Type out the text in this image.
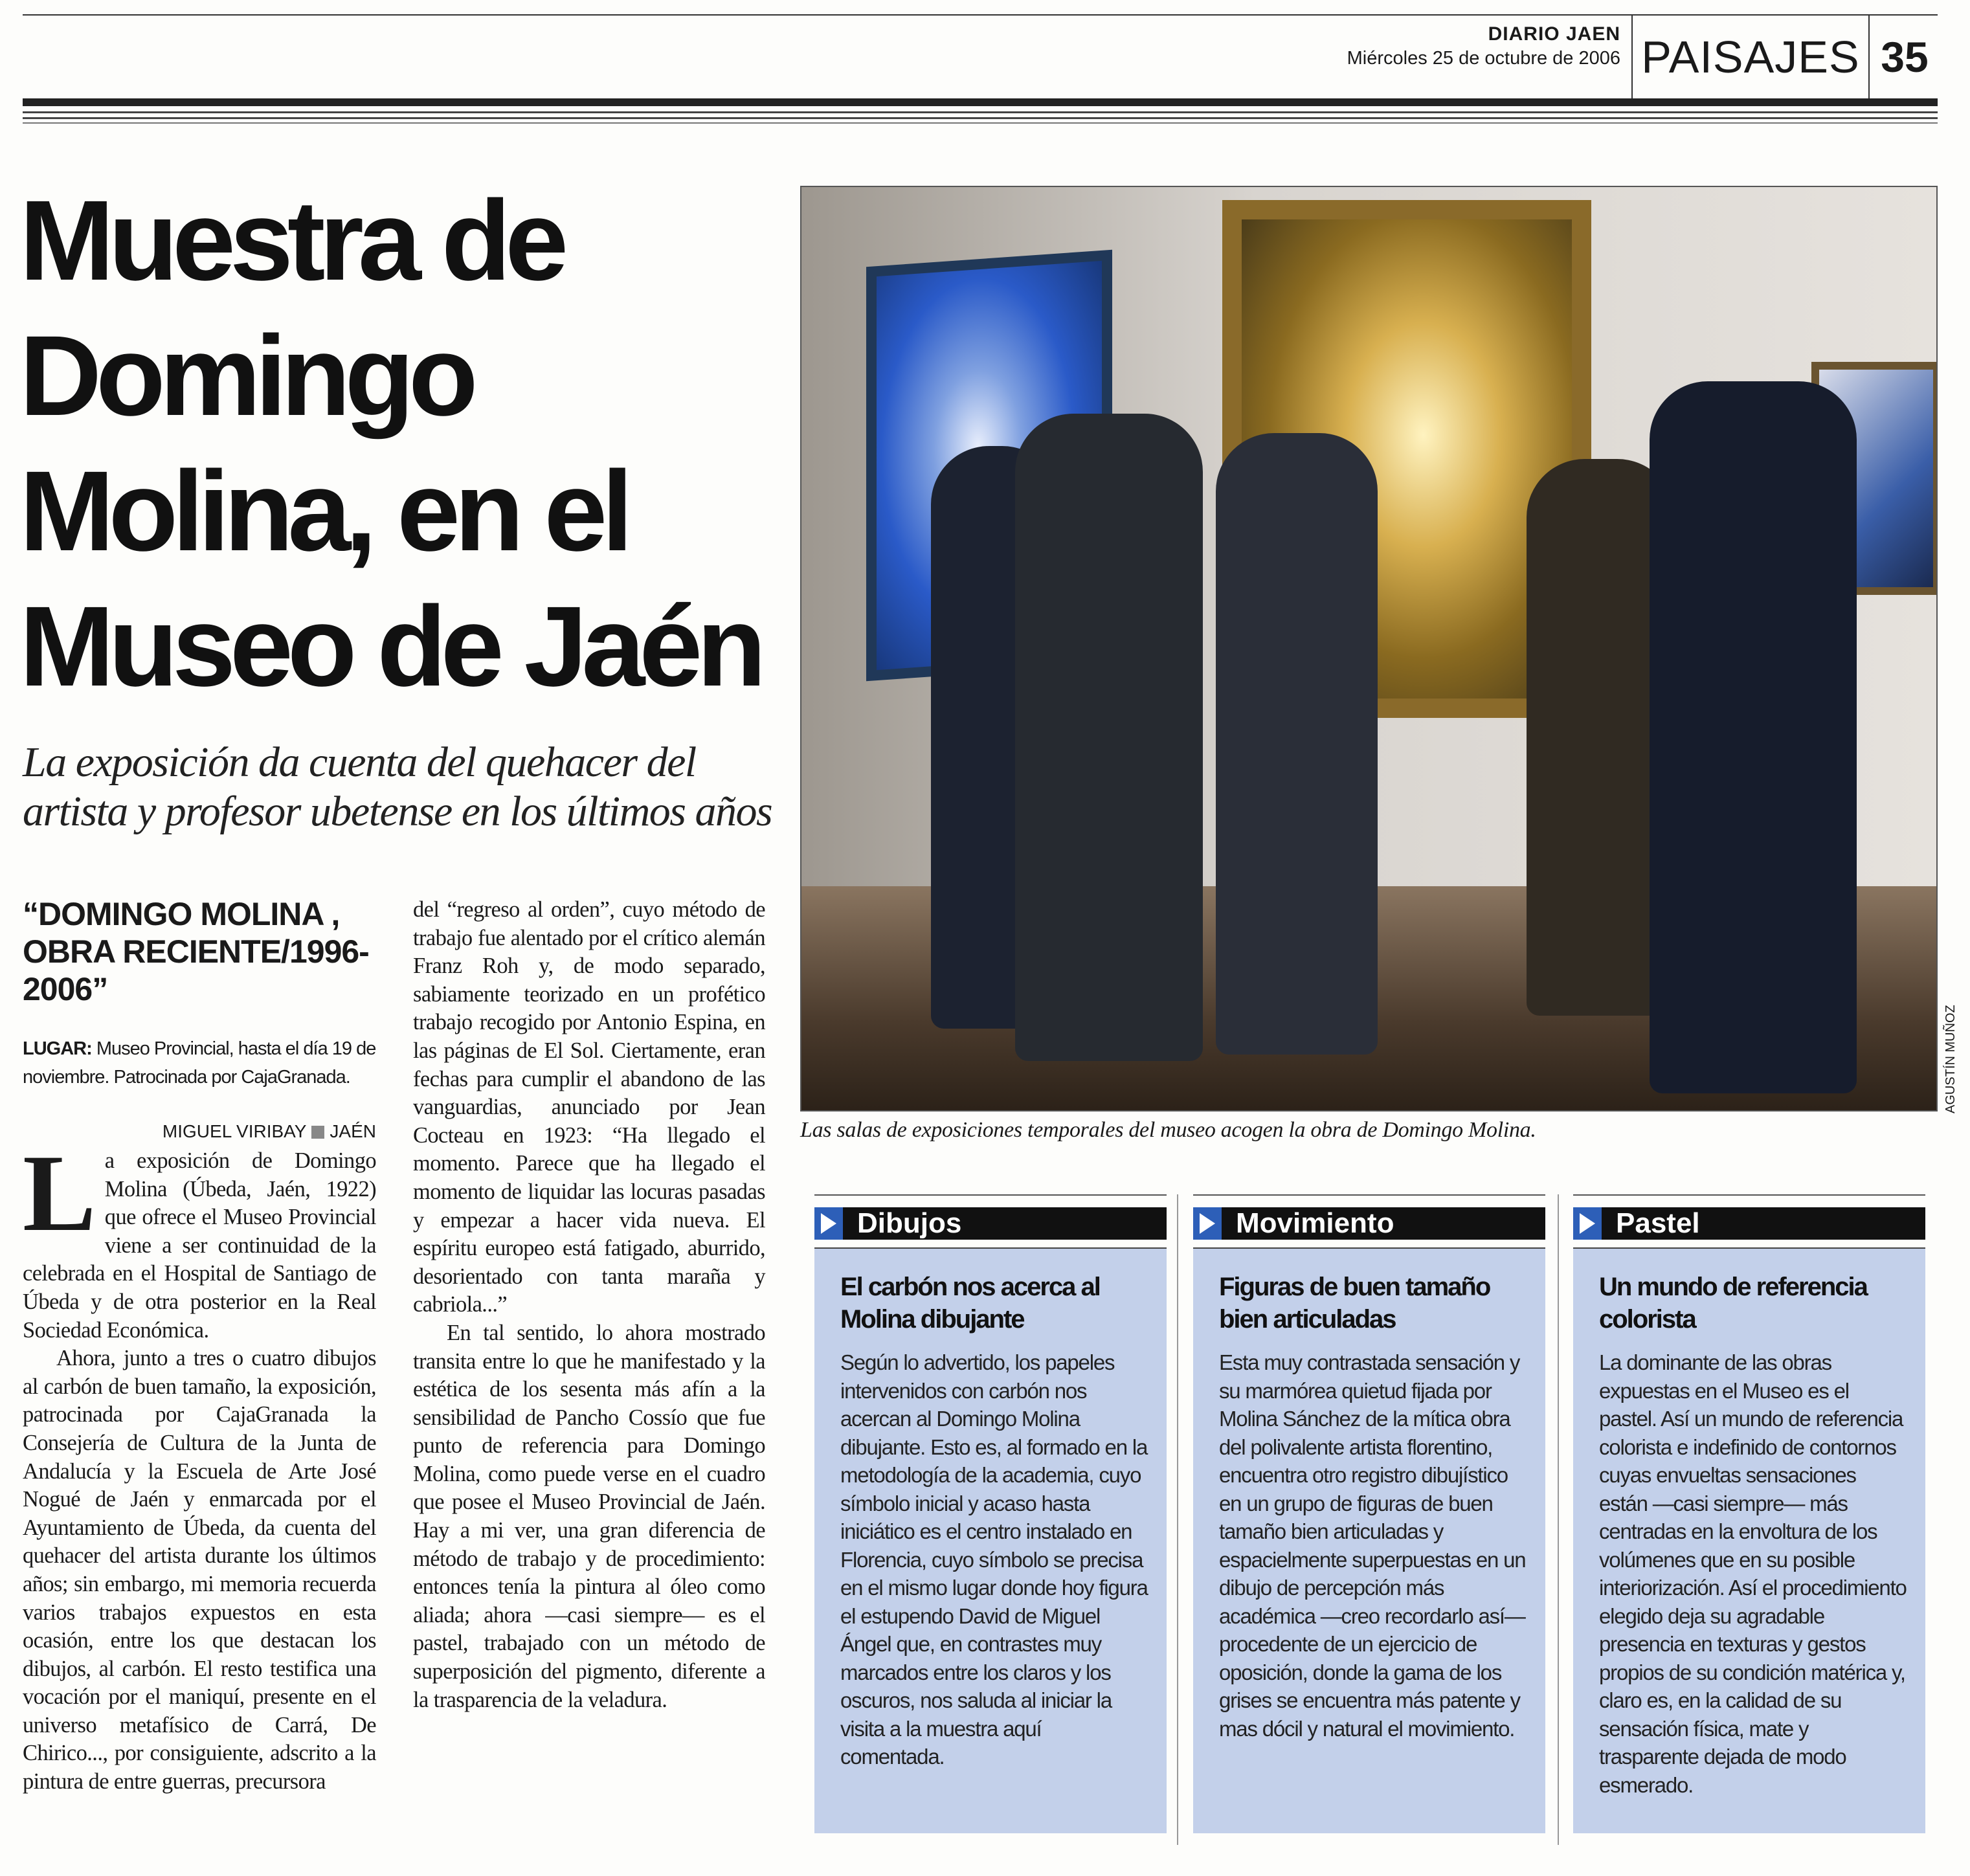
DIARIO JAEN
Miércoles 25 de octubre de 2006 PAISAJES 35
Muestra de Domingo Molina, en el Museo de Jaén
La exposición da cuenta del quehacer del artista y profesor ubetense en los últimos años
“DOMINGO MOLINA , OBRA RECIENTE/1996-2006”
LUGAR: Museo Provincial, hasta el día 19 de noviembre. Patrocinada por CajaGranada.
MIGUEL VIRIBAY JAÉN

La exposición de Domingo Molina (Úbeda, Jaén, 1922) que ofrece el Museo Provincial viene a ser continuidad de la celebrada en el Hospital de Santiago de Úbeda y de otra posterior en la Real Sociedad Económica.

Ahora, junto a tres o cuatro dibujos al carbón de buen tamaño, la exposición, patrocinada por CajaGranada la Consejería de Cultura de la Junta de Andalucía y la Escuela de Arte José Nogué de Jaén y enmarcada por el Ayuntamiento de Úbeda, da cuenta del quehacer del artista durante los últimos años; sin embargo, mi memoria recuerda varios trabajos expuestos en esta ocasión, entre los que destacan los dibujos, al carbón. El resto testifica una vocación por el maniquí, presente en el universo metafísico de Carrá, De Chirico..., por consiguiente, adscrito a la pintura de entre guerras, precursora

del “regreso al orden”, cuyo método de trabajo fue alentado por el crítico alemán Franz Roh y, de modo separado, sabiamente teorizado en un profético trabajo recogido por Antonio Espina, en las páginas de El Sol. Ciertamente, eran fechas para cumplir el abandono de las vanguardias, anunciado por Jean Cocteau en 1923: “Ha llegado el momento. Parece que ha llegado el momento de liquidar las locuras pasadas y empezar a hacer vida nueva. El espíritu europeo está fatigado, aburrido, desorientado con tanta maraña y cabriola...”

En tal sentido, lo ahora mostrado transita entre lo que he manifestado y la estética de los sesenta más afín a la sensibilidad de Pancho Cossío que fue punto de referencia para Domingo Molina, como puede verse en el cuadro que posee el Museo Provincial de Jaén. Hay a mi ver, una gran diferencia de método de trabajo y de procedimiento: entonces tenía la pintura al óleo como aliada; ahora —casi siempre— es el pastel, trabajado con un método de superposición del pigmento, diferente a la trasparencia de la veladura.

AGUSTÍN MUÑOZ
Las salas de exposiciones temporales del museo acogen la obra de Domingo Molina.
Dibujos
El carbón nos acerca al Molina dibujante
Según lo advertido, los papeles intervenidos con carbón nos acercan al Domingo Molina dibujante. Esto es, al formado en la metodología de la academia, cuyo símbolo inicial y acaso hasta iniciático es el centro instalado en Florencia, cuyo símbolo se precisa en el mismo lugar donde hoy figura el estupendo David de Miguel Ángel que, en contrastes muy marcados entre los claros y los oscuros, nos saluda al iniciar la visita a la muestra aquí comentada.
Movimiento
Figuras de buen tamaño bien articuladas
Esta muy contrastada sensación y su marmórea quietud fijada por Molina Sánchez de la mítica obra del polivalente artista florentino, encuentra otro registro dibujístico en un grupo de figuras de buen tamaño bien articuladas y espacielmente superpuestas en un dibujo de percepción más académica —creo recordarlo así— procedente de un ejercicio de oposición, donde la gama de los grises se encuentra más patente y mas dócil y natural el movimiento.
Pastel
Un mundo de referencia colorista
La dominante de las obras expuestas en el Museo es el pastel. Así un mundo de referencia colorista e indefinido de contornos cuyas envueltas sensaciones están —casi siempre— más centradas en la envoltura de los volúmenes que en su posible interiorización. Así el procedimiento elegido deja su agradable presencia en texturas y gestos propios de su condición matérica y, claro es, en la calidad de su sensación física, mate y trasparente dejada de modo esmerado.
